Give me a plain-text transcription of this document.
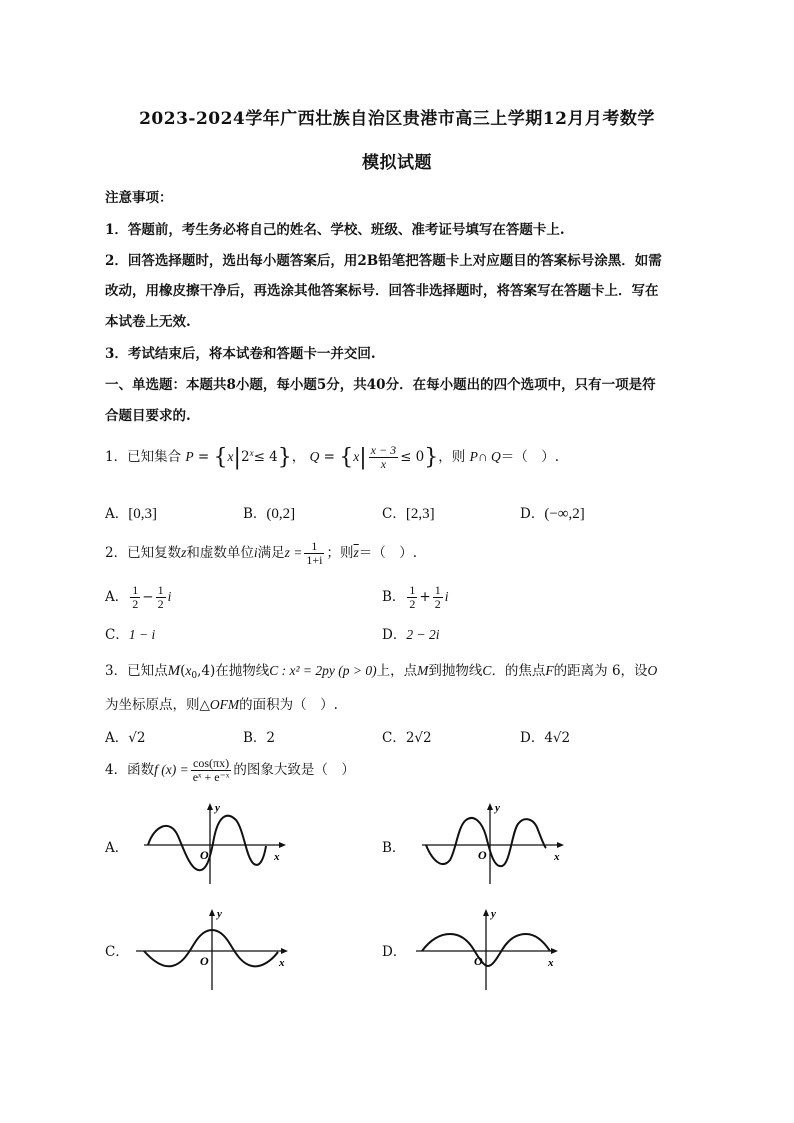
2023-2024学年广西壮族自治区贵港市高三上学期12月月考数学
模拟试题
注意事项：
1．答题前，考生务必将自己的姓名、学校、班级、准考证号填写在答题卡上.
2．回答选择题时，选出每小题答案后，用2B铅笔把答题卡上对应题目的答案标号涂黑．如需
改动，用橡皮擦干净后，再选涂其他答案标号．回答非选择题时，将答案写在答题卡上．写在
本试卷上无效.
3．考试结束后，将本试卷和答题卡一并交回.
一、单选题：本题共8小题，每小题5分，共40分．在每小题出的四个选项中，只有一项是符
合题目要求的.
1．已知集合 $P = \{x|2^x\le 4\}$， $Q = \{x| \frac{x - 3}{x} \le 0\}$，则 P∩ Q＝（　）.
A．[0,3]	B．(0,2]	C．[2,3]	D．(−∞,2]
2．已知复数z和虚数单位i满足$z = \frac{1}{1+i}$ ；则$\overline{z}=$（　）.
A． $\frac{1}{2} - \frac{1}{2}$ i	B． $\frac{1}{2} + \frac{1}{2}$ i
C．1 − i	D．2 − 2i
3．已知点$M(x_0,4)$在抛物线C : x² = 2py (p > 0)上，点M到抛物线C．的焦点F的距离为 6，设O
为坐标原点，则△OFM的面积为（　）.
A．√2	B．2	C．2√2	D．4√2
4．函数f $(x) = \frac{\cos(\pi x)}{\text{eˣ + e⁻ˣ}}$ 的图象大致是（　）
A．	B．
C．	D．
O	x
y
O	x
y
O	x
y
O	x
y
